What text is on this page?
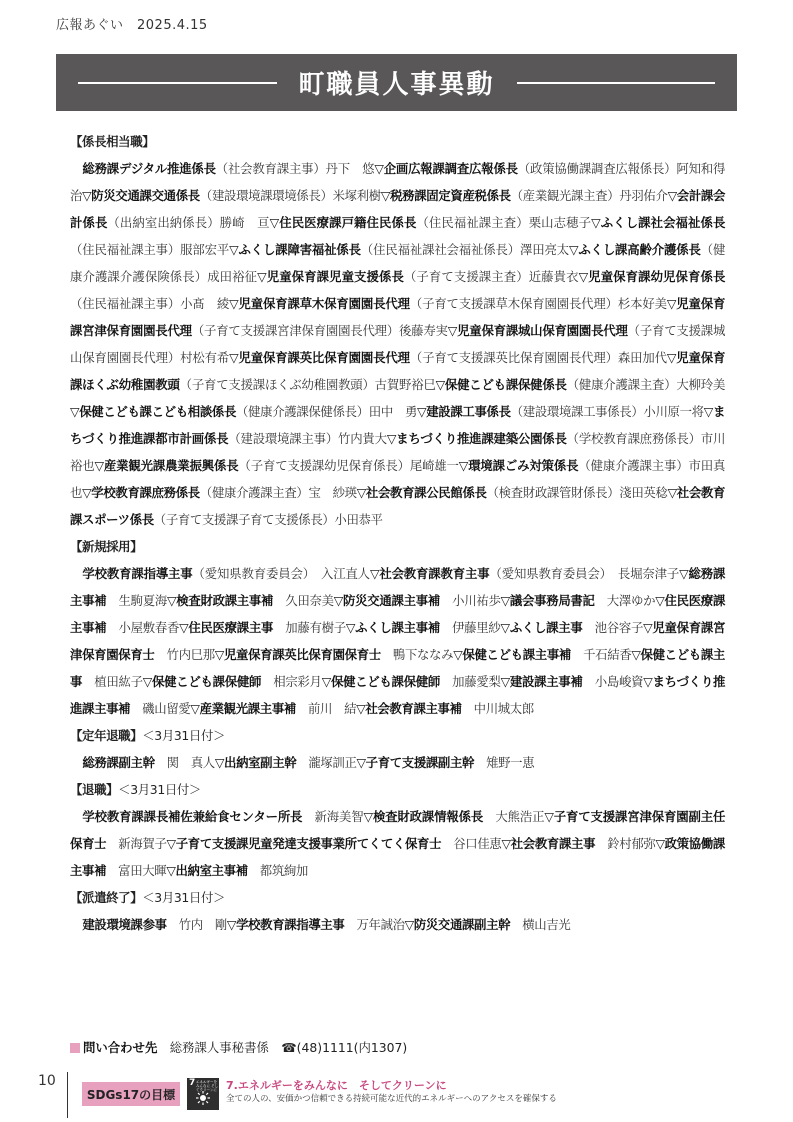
広報あぐい　2025.4.15
町職員人事異動
【係長相当職】

総務課デジタル推進係長（社会教育課主事）丹下　悠▽企画広報課調査広報係長（政策協働課調査広報係長）阿知和得治▽防災交通課交通係長（建設環境課環境係長）米塚利樹▽税務課固定資産税係長（産業観光課主査）丹羽佑介▽会計課会計係長（出納室出納係長）勝崎　亘▽住民医療課戸籍住民係長（住民福祉課主査）栗山志穂子▽ふくし課社会福祉係長（住民福祉課主事）服部宏平▽ふくし課障害福祉係長（住民福祉課社会福祉係長）澤田亮太▽ふくし課高齢介護係長（健康介護課介護保険係長）成田裕征▽児童保育課児童支援係長（子育て支援課主査）近藤貴衣▽児童保育課幼児保育係長（住民福祉課主事）小髙　綾▽児童保育課草木保育園園長代理（子育て支援課草木保育園園長代理）杉本好美▽児童保育課宮津保育園園長代理（子育て支援課宮津保育園園長代理）後藤寿実▽児童保育課城山保育園園長代理（子育て支援課城山保育園園長代理）村松有希▽児童保育課英比保育園園長代理（子育て支援課英比保育園園長代理）森田加代▽児童保育課ほくぶ幼稚園教頭（子育て支援課ほくぶ幼稚園教頭）古賀野裕巳▽保健こども課保健係長（健康介護課主査）大柳玲美▽保健こども課こども相談係長（健康介護課保健係長）田中　勇▽建設課工事係長（建設環境課工事係長）小川原一将▽まちづくり推進課都市計画係長（建設環境課主事）竹内貴大▽まちづくり推進課建築公園係長（学校教育課庶務係長）市川裕也▽産業観光課農業振興係長（子育て支援課幼児保育係長）尾崎雄一▽環境課ごみ対策係長（健康介護課主事）市田真也▽学校教育課庶務係長（健康介護課主査）宝　紗瑛▽社会教育課公民館係長（検査財政課管財係長）淺田英稔▽社会教育課スポーツ係長（子育て支援課子育て支援係長）小田恭平

【新規採用】

学校教育課指導主事（愛知県教育委員会）　入江直人▽社会教育課教育主事（愛知県教育委員会）　長堀奈津子▽総務課主事補　生駒夏海▽検査財政課主事補　久田奈美▽防災交通課主事補　小川祐歩▽議会事務局書記　大澤ゆか▽住民医療課主事補　小屋敷春香▽住民医療課主事　加藤有樹子▽ふくし課主事補　伊藤里紗▽ふくし課主事　池谷容子▽児童保育課宮津保育園保育士　竹内巳那▽児童保育課英比保育園保育士　鴨下ななみ▽保健こども課主事補　千石結香▽保健こども課主事　植田紘子▽保健こども課保健師　相宗彩月▽保健こども課保健師　加藤愛梨▽建設課主事補　小島峻資▽まちづくり推進課主事補　磯山留愛▽産業観光課主事補　前川　結▽社会教育課主事補　中川城太郎

【定年退職】＜3月31日付＞

総務課副主幹　関　真人▽出納室副主幹　瀧塚訓正▽子育て支援課副主幹　雉野一恵

【退職】＜3月31日付＞

学校教育課課長補佐兼給食センター所長　新海美智▽検査財政課情報係長　大熊浩正▽子育て支援課宮津保育園副主任保育士　新海賀子▽子育て支援課児童発達支援事業所てくてく保育士　谷口佳恵▽社会教育課主事　鈴村郁弥▽政策協働課主事補　富田大暉▽出納室主事補　都筑絢加

【派遣終了】＜3月31日付＞

建設環境課参事　竹内　剛▽学校教育課指導主事　万年誠治▽防災交通課副主幹　横山吉光

問い合わせ先　 総務課人事秘書係　 ☎(48)1111(内1307)
10
SDGs17の目標
7 エネルギーをみんなに そしてクリーンに 7.エネルギーをみんなに　そしてクリーンに
全ての人の、安価かつ信頼できる持続可能な近代的エネルギーへのアクセスを確保する
